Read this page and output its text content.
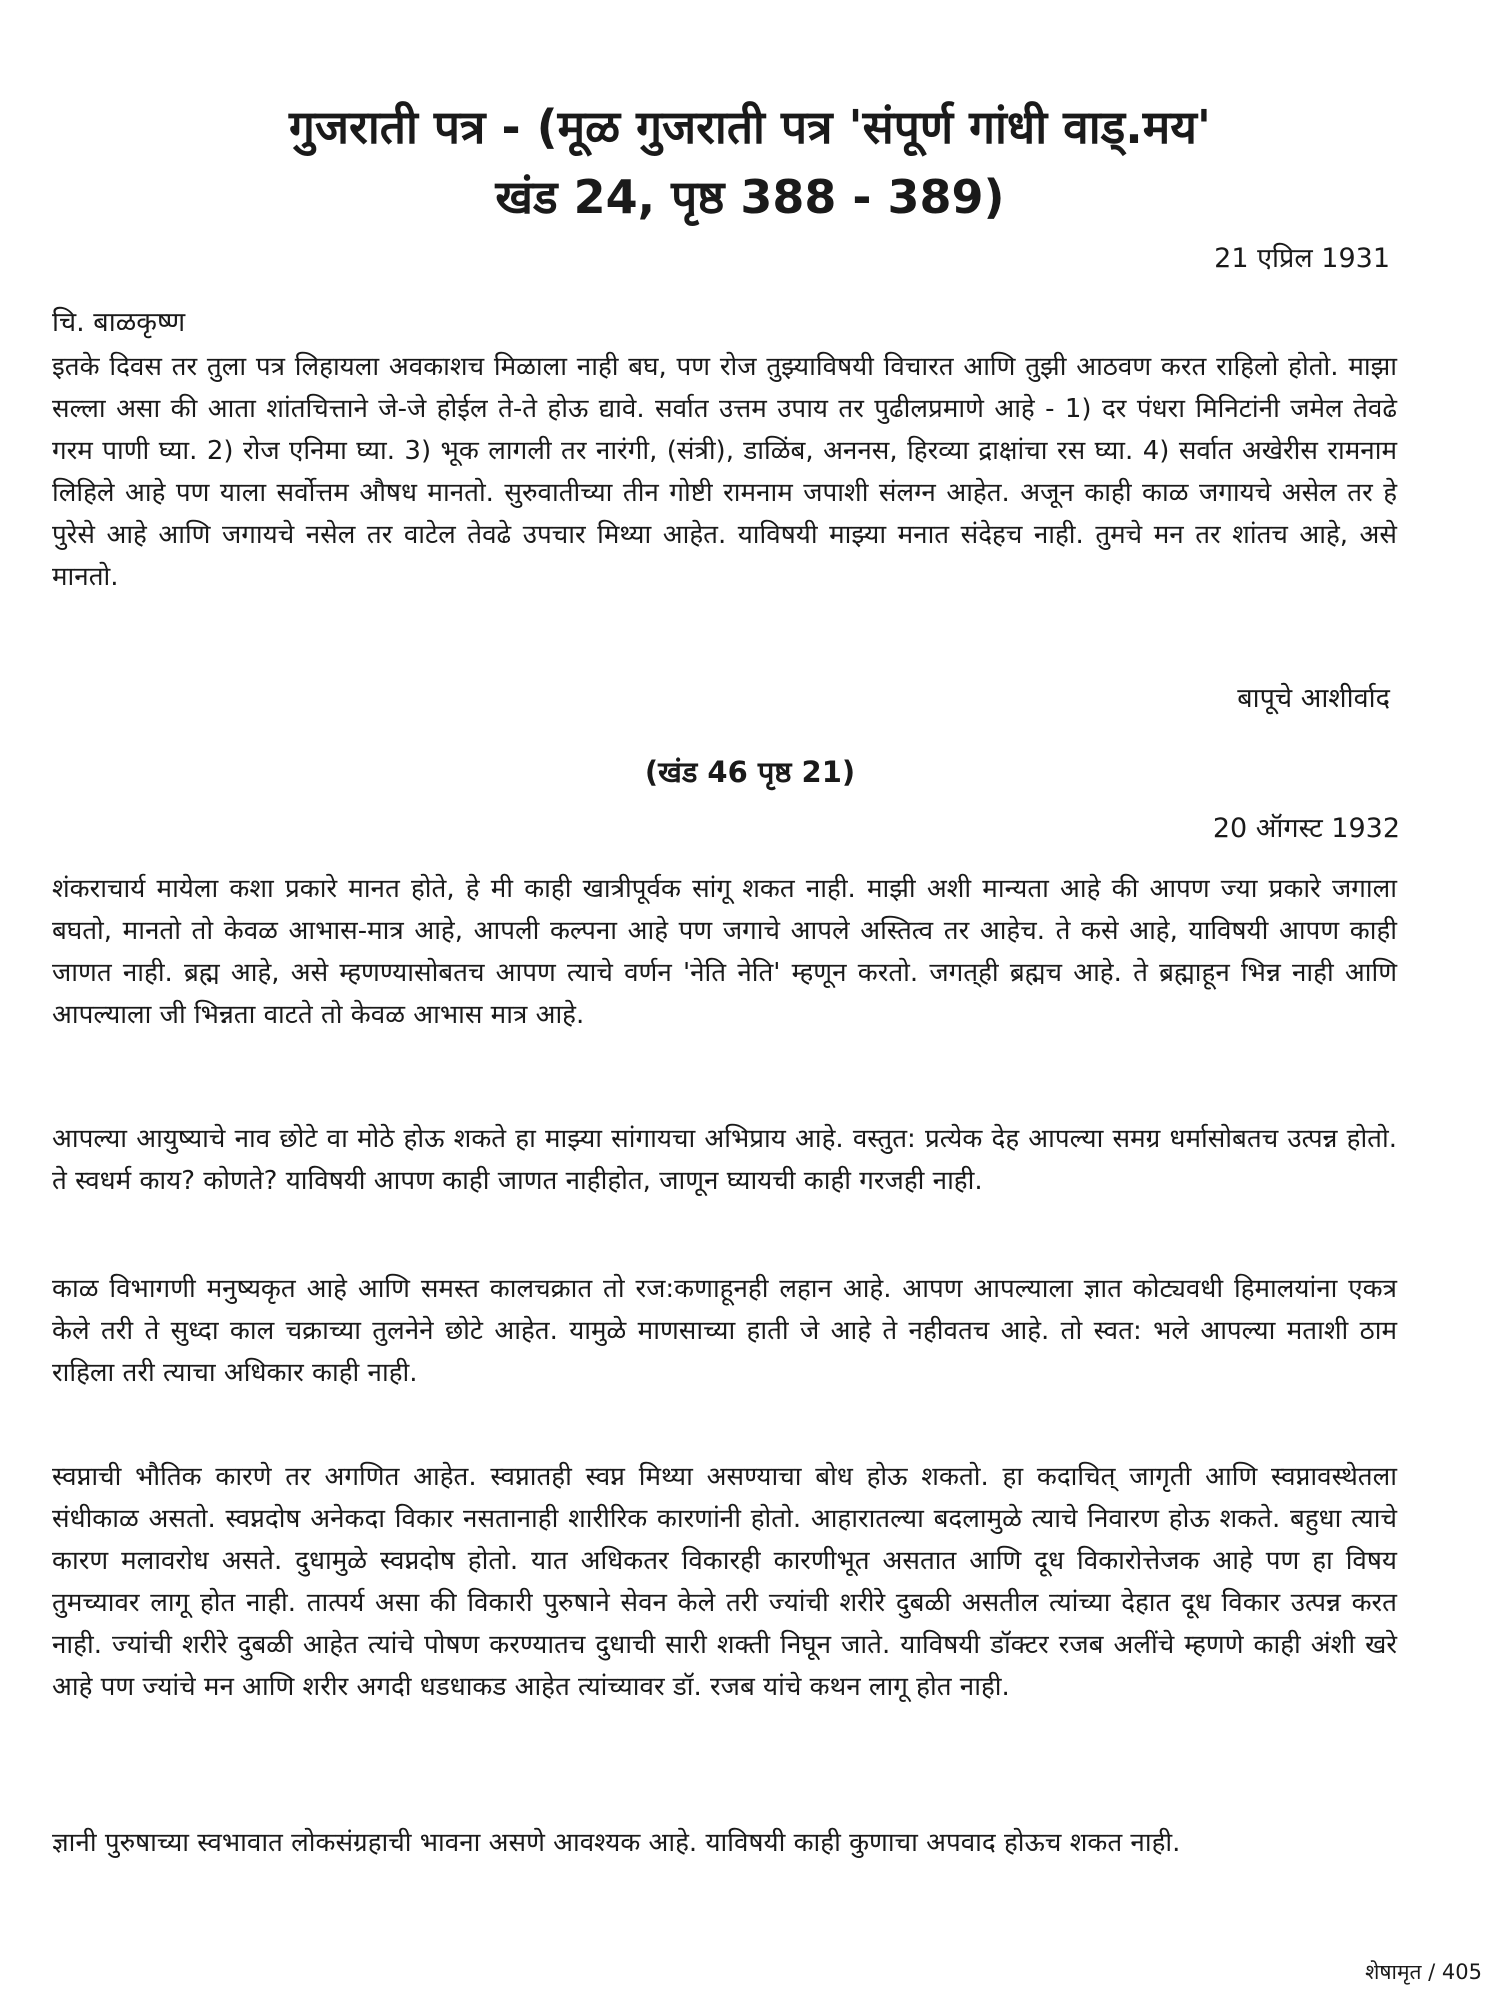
गुजराती पत्र - (मूळ गुजराती पत्र 'संपूर्ण गांधी वाड्.मय'
खंड 24, पृष्ठ 388 - 389)
21 एप्रिल 1931
चि. बाळकृष्ण

इतके दिवस तर तुला पत्र लिहायला अवकाशच मिळाला नाही बघ, पण रोज तुझ्याविषयी विचारत आणि तुझी आठवण करत राहिलो होतो. माझा सल्ला असा की आता शांतचित्ताने जे-जे होईल ते-ते होऊ द्यावे. सर्वात उत्तम उपाय तर पुढीलप्रमाणे आहे - 1) दर पंधरा मिनिटांनी जमेल तेवढे गरम पाणी घ्या. 2) रोज एनिमा घ्या. 3) भूक लागली तर नारंगी, (संत्री), डाळिंब, अननस, हिरव्या द्राक्षांचा रस घ्या. 4) सर्वात अखेरीस रामनाम लिहिले आहे पण याला सर्वोत्तम औषध मानतो. सुरुवातीच्या तीन गोष्टी रामनाम जपाशी संलग्न आहेत. अजून काही काळ जगायचे असेल तर हे पुरेसे आहे आणि जगायचे नसेल तर वाटेल तेवढे उपचार मिथ्या आहेत. याविषयी माझ्या मनात संदेहच नाही. तुमचे मन तर शांतच आहे, असे मानतो.

बापूचे आशीर्वाद
(खंड 46 पृष्ठ 21)
20 ऑगस्ट 1932

शंकराचार्य मायेला कशा प्रकारे मानत होते, हे मी काही खात्रीपूर्वक सांगू शकत नाही. माझी अशी मान्यता आहे की आपण ज्या प्रकारे जगाला बघतो, मानतो तो केवळ आभास-मात्र आहे, आपली कल्पना आहे पण जगाचे आपले अस्तित्व तर आहेच. ते कसे आहे, याविषयी आपण काही जाणत नाही. ब्रह्म आहे, असे म्हणण्यासोबतच आपण त्याचे वर्णन 'नेति नेति' म्हणून करतो. जगत्‌ही ब्रह्मच आहे. ते ब्रह्माहून भिन्न नाही आणि आपल्याला जी भिन्नता वाटते तो केवळ आभास मात्र आहे.

आपल्या आयुष्याचे नाव छोटे वा मोठे होऊ शकते हा माझ्या सांगायचा अभिप्राय आहे. वस्तुत: प्रत्येक देह आपल्या समग्र धर्मासोबतच उत्पन्न होतो. ते स्वधर्म काय? कोणते? याविषयी आपण काही जाणत नाहीहोत, जाणून घ्यायची काही गरजही नाही.

काळ विभागणी मनुष्यकृत आहे आणि समस्त कालचक्रात तो रज:कणाहूनही लहान आहे. आपण आपल्याला ज्ञात कोट्यवधी हिमालयांना एकत्र केले तरी ते सुध्दा काल चक्राच्या तुलनेने छोटे आहेत. यामुळे माणसाच्या हाती जे आहे ते नहीवतच आहे. तो स्वत: भले आपल्या मताशी ठाम राहिला तरी त्याचा अधिकार काही नाही.

स्वप्नाची भौतिक कारणे तर अगणित आहेत. स्वप्नातही स्वप्न मिथ्या असण्याचा बोध होऊ शकतो. हा कदाचित्‌ जागृती आणि स्वप्नावस्थेतला संधीकाळ असतो. स्वप्नदोष अनेकदा विकार नसतानाही शारीरिक कारणांनी होतो. आहारातल्या बदलामुळे त्याचे निवारण होऊ शकते. बहुधा त्याचे कारण मलावरोध असते. दुधामुळे स्वप्नदोष होतो. यात अधिकतर विकारही कारणीभूत असतात आणि दूध विकारोत्तेजक आहे पण हा विषय तुमच्यावर लागू होत नाही. तात्पर्य असा की विकारी पुरुषाने सेवन केले तरी ज्यांची शरीरे दुबळी असतील त्यांच्या देहात दूध विकार उत्पन्न करत नाही. ज्यांची शरीरे दुबळी आहेत त्यांचे पोषण करण्यातच दुधाची सारी शक्ती निघून जाते. याविषयी डॉक्टर रजब अलींचे म्हणणे काही अंशी खरे आहे पण ज्यांचे मन आणि शरीर अगदी धडधाकड आहेत त्यांच्यावर डॉ. रजब यांचे कथन लागू होत नाही.

ज्ञानी पुरुषाच्या स्वभावात लोकसंग्रहाची भावना असणे आवश्यक आहे. याविषयी काही कुणाचा अपवाद होऊच शकत नाही.

शेषामृत / 405
